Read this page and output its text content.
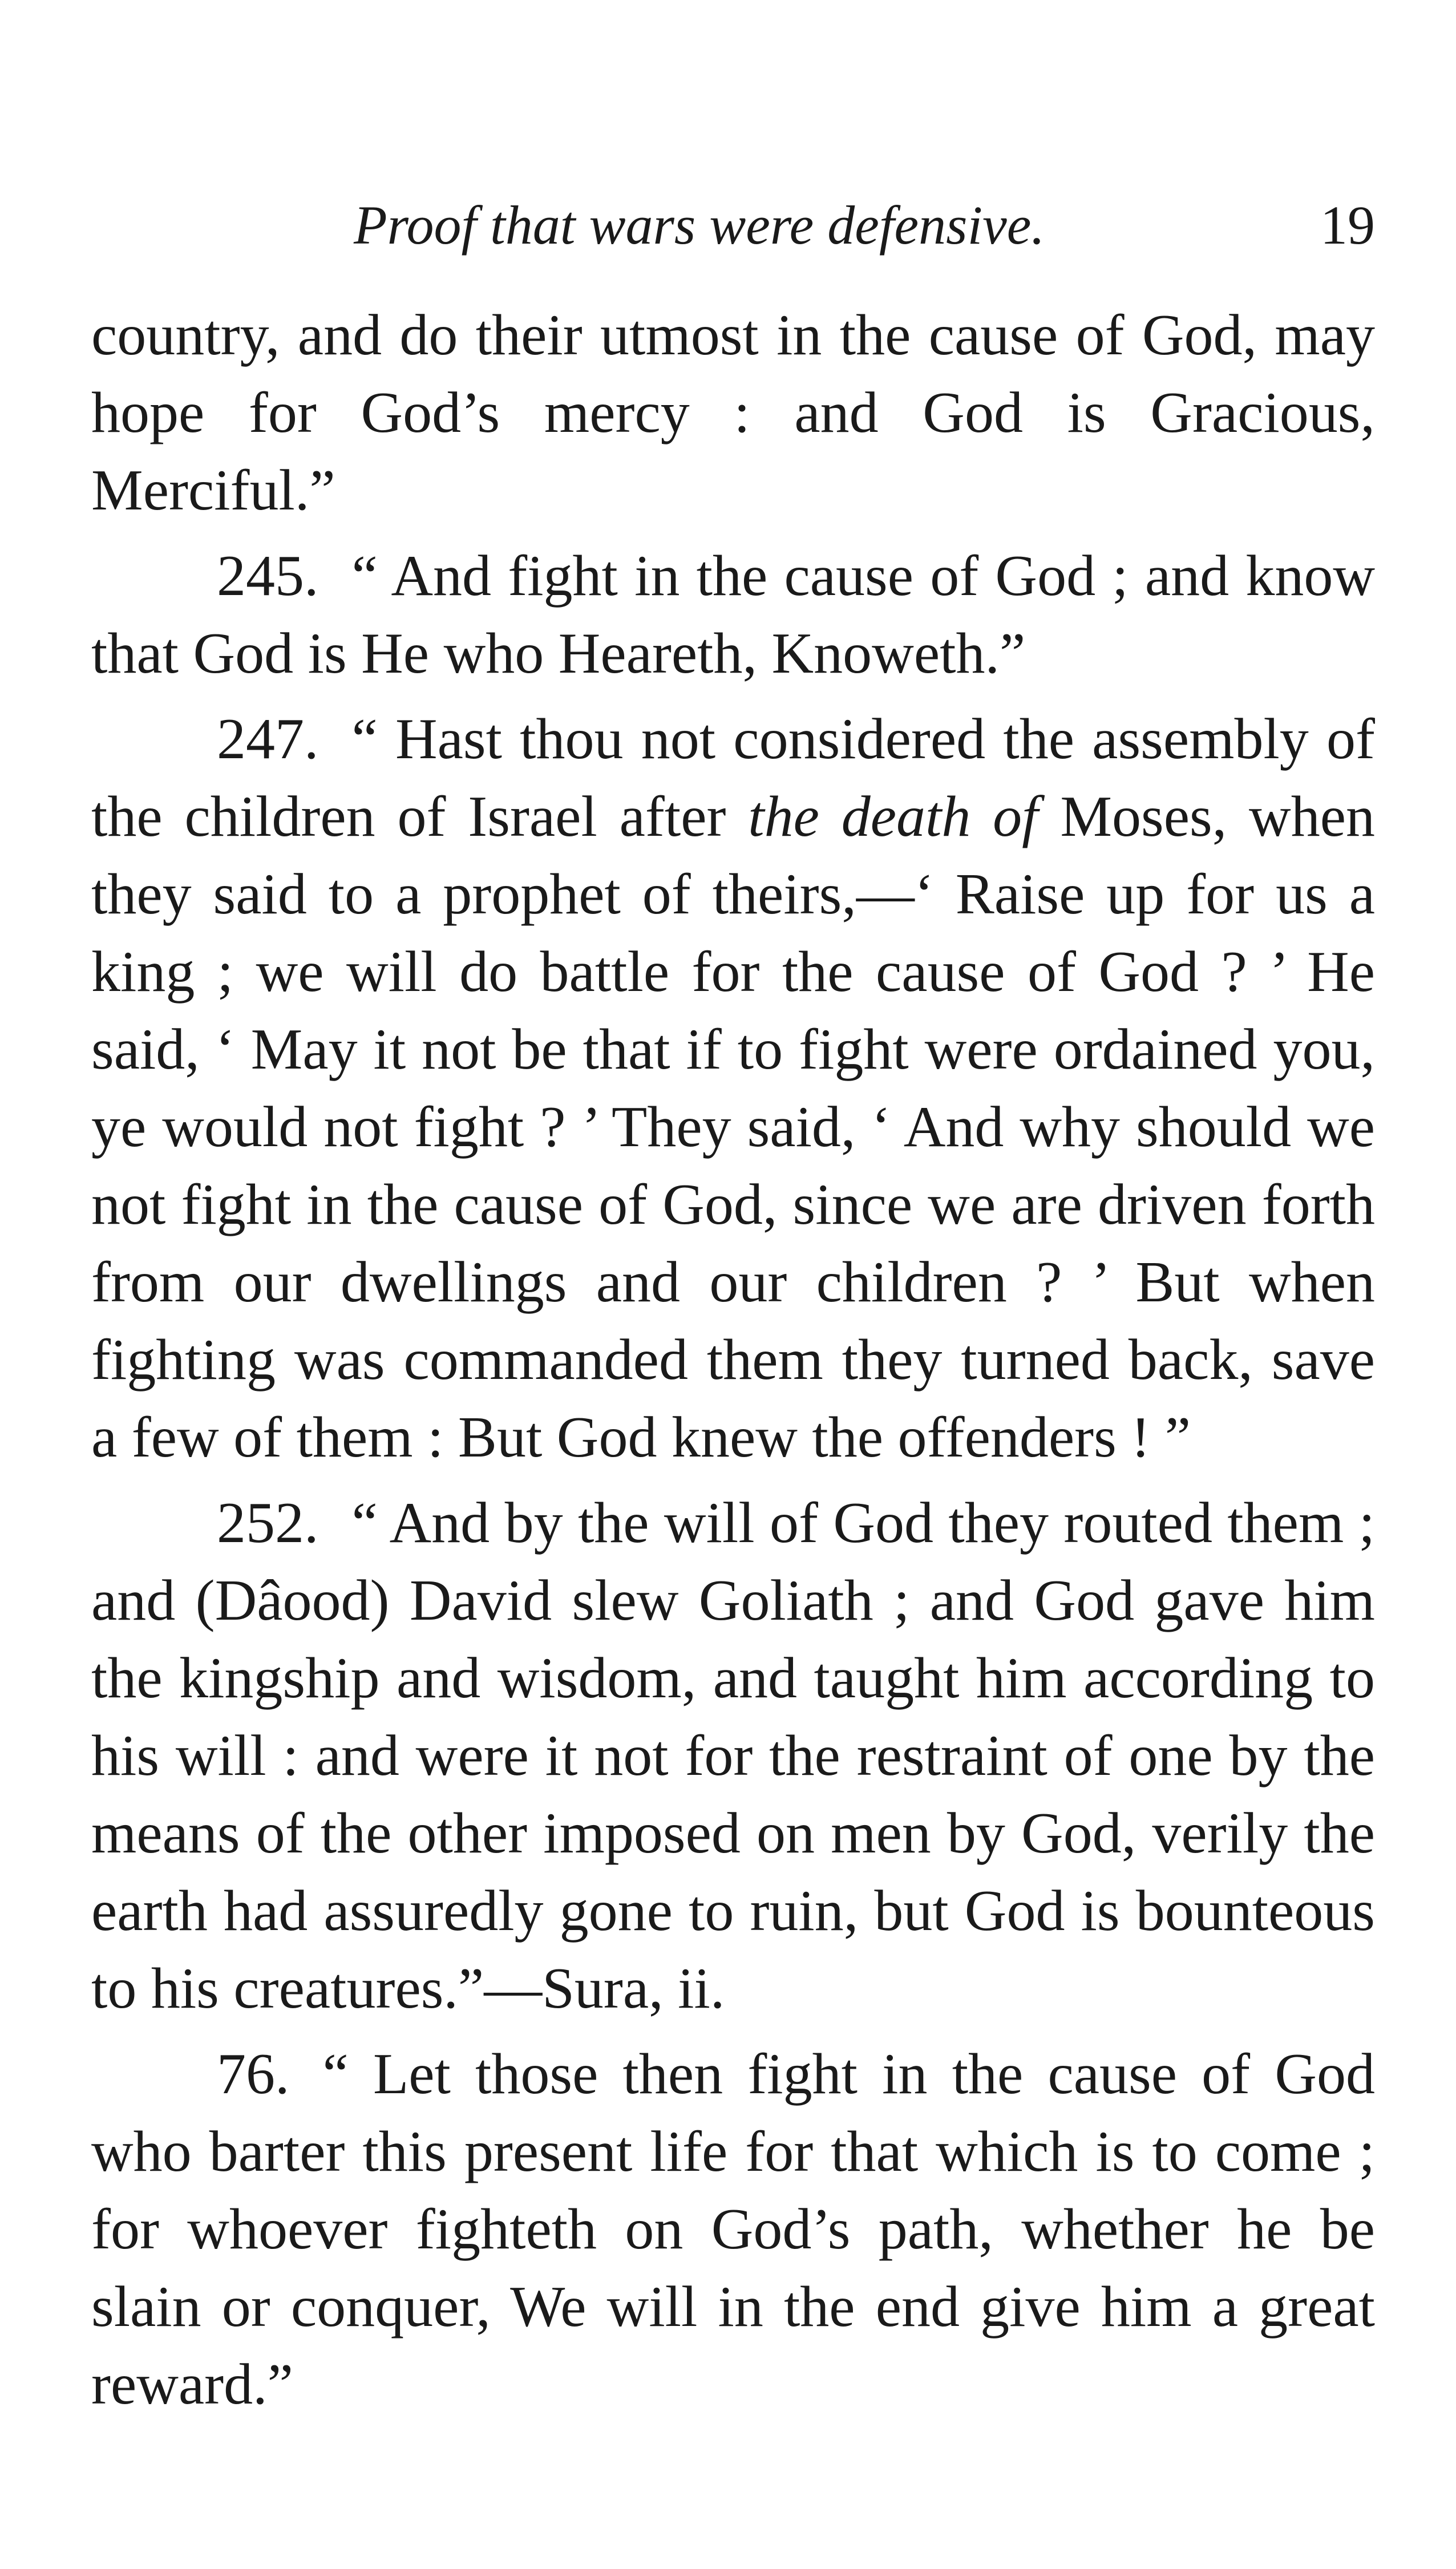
Proof that wars were defensive.	19

country, and do their utmost in the cause of God, may hope for God’s mercy : and God is Gracious, Merciful.”

245. “ And fight in the cause of God ; and know that God is He who Heareth, Knoweth.”

247. “ Hast thou not considered the assembly of the children of Israel after the death of Moses, when they said to a prophet of theirs,—‘ Raise up for us a king ; we will do battle for the cause of God ? ’ He said, ‘ May it not be that if to fight were ordained you, ye would not fight ? ’ They said, ‘ And why should we not fight in the cause of God, since we are driven forth from our dwellings and our children ? ’ But when fighting was commanded them they turned back, save a few of them : But God knew the offenders ! ”

252. “ And by the will of God they routed them ; and (Dâood) David slew Goliath ; and God gave him the kingship and wisdom, and taught him according to his will : and were it not for the restraint of one by the means of the other imposed on men by God, verily the earth had assuredly gone to ruin, but God is bounteous to his creatures.”—Sura, ii.

76. “ Let those then fight in the cause of God who barter this present life for that which is to come ; for whoever fighteth on God’s path, whether he be slain or conquer, We will in the end give him a great reward.”
